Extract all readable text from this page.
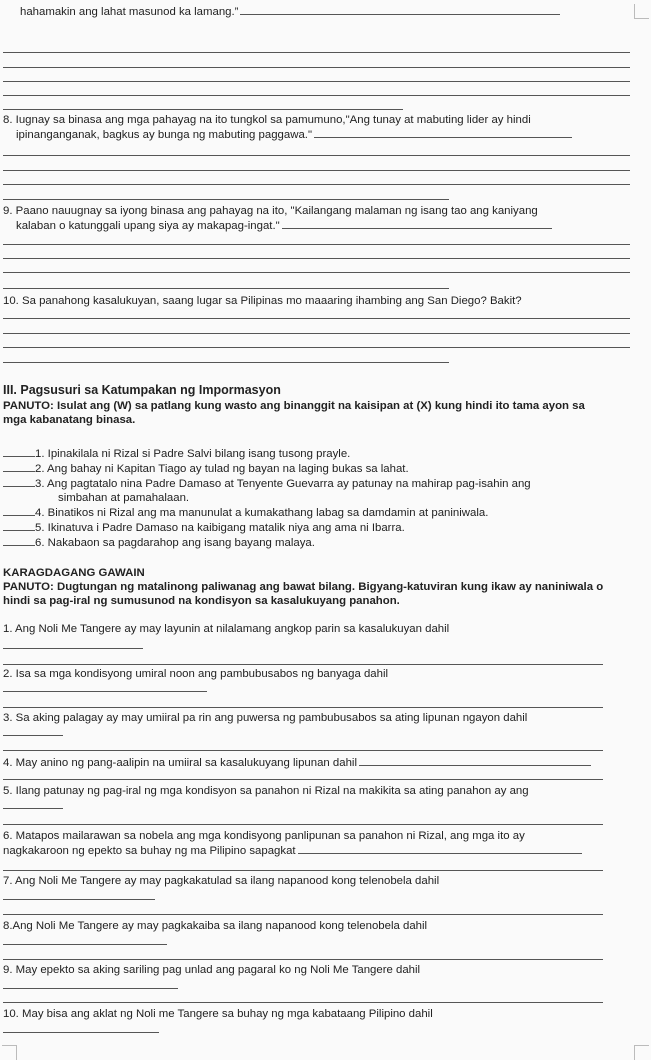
hahamakin ang lahat masunod ka lamang.”
8. Iugnay sa binasa ang mga pahayag na ito tungkol sa pamumuno,"Ang tunay at mabuting lider ay hindi
ipinanganganak, bagkus ay bunga ng mabuting paggawa."
9. Paano nauugnay sa iyong binasa ang pahayag na ito, "Kailangang malaman ng isang tao ang kaniyang
kalaban o katunggali upang siya ay makapag-ingat."
10. Sa panahong kasalukuyan, saang lugar sa Pilipinas mo maaaring ihambing ang San Diego? Bakit?
III. Pagsusuri sa Katumpakan ng Impormasyon
PANUTO: Isulat ang (W) sa patlang kung wasto ang binanggit na kaisipan at (X) kung hindi ito tama ayon sa
mga kabanatang binasa.
1. Ipinakilala ni Rizal si Padre Salvi bilang isang tusong prayle.
2. Ang bahay ni Kapitan Tiago ay tulad ng bayan na laging bukas sa lahat.
3. Ang pagtatalo nina Padre Damaso at Tenyente Guevarra ay patunay na mahirap pag-isahin ang
simbahan at pamahalaan.
4. Binatikos ni Rizal ang ma manunulat a kumakathang labag sa damdamin at paniniwala.
5. Ikinatuva i Padre Damaso na kaibigang matalik niya ang ama ni Ibarra.
6. Nakabaon sa pagdarahop ang isang bayang malaya.
KARAGDAGANG GAWAIN
PANUTO: Dugtungan ng matalinong paliwanag ang bawat bilang. Bigyang-katuviran kung ikaw ay naniniwala o
hindi sa pag-iral ng sumusunod na kondisyon sa kasalukuyang panahon.
1. Ang Noli Me Tangere ay may layunin at nilalamang angkop parin sa kasalukuyan dahil
2. Isa sa mga kondisyong umiral noon ang pambubusabos ng banyaga dahil
3. Sa aking palagay ay may umiiral pa rin ang puwersa ng pambubusabos sa ating lipunan ngayon dahil
4. May anino ng pang-aalipin na umiiral sa kasalukuyang lipunan dahil
5. Ilang patunay ng pag-iral ng mga kondisyon sa panahon ni Rizal na makikita sa ating panahon ay ang
6. Matapos mailarawan sa nobela ang mga kondisyong panlipunan sa panahon ni Rizal, ang mga ito ay
nagkakaroon ng epekto sa buhay ng ma Pilipino sapagkat
7. Ang Noli Me Tangere ay may pagkakatulad sa ilang napanood kong telenobela dahil
8.Ang Noli Me Tangere ay may pagkakaiba sa ilang napanood kong telenobela dahil
9. May epekto sa aking sariling pag unlad ang pagaral ko ng Noli Me Tangere dahil
10. May bisa ang aklat ng Noli me Tangere sa buhay ng mga kabataang Pilipino dahil
